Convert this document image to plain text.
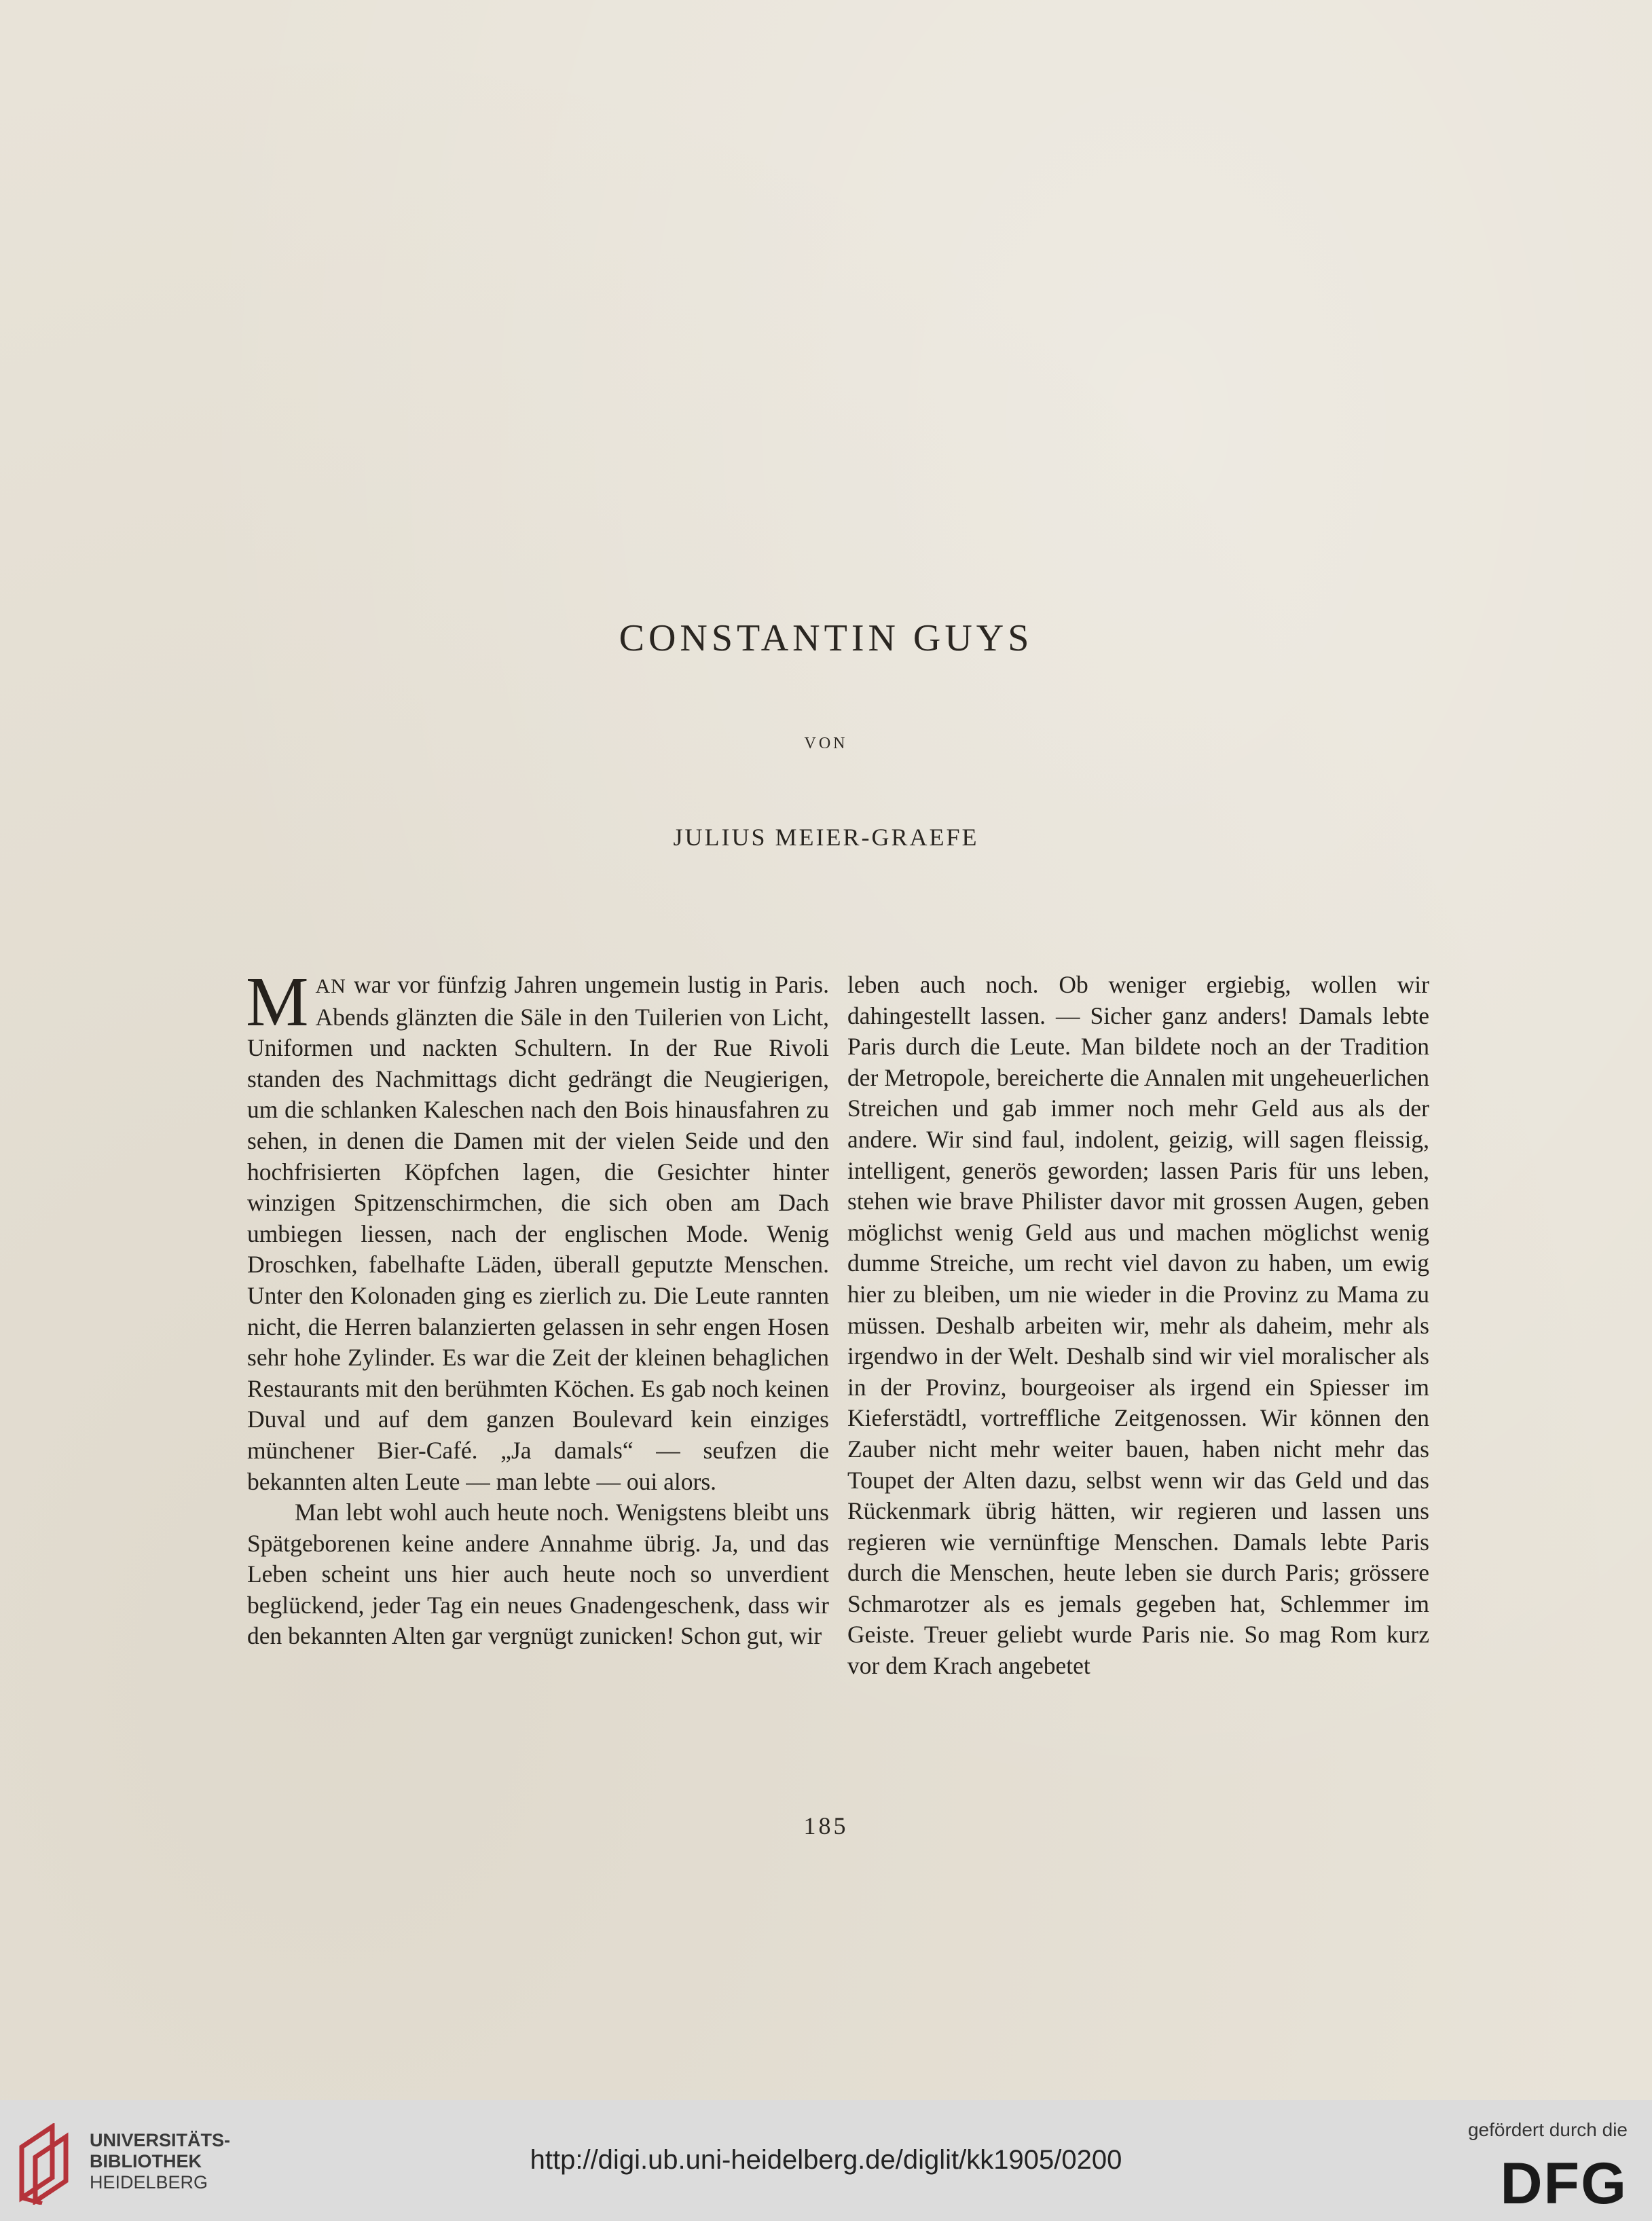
CONSTANTIN GUYS
VON
JULIUS MEIER-GRAEFE

MAN war vor fünfzig Jahren ungemein lustig in Paris. Abends glänzten die Säle in den Tuilerien von Licht, Uniformen und nackten Schultern. In der Rue Rivoli standen des Nachmittags dicht gedrängt die Neugierigen, um die schlanken Kaleschen nach den Bois hinausfahren zu sehen, in denen die Damen mit der vielen Seide und den hochfrisierten Köpfchen lagen, die Gesichter hinter winzigen Spitzenschirmchen, die sich oben am Dach umbiegen liessen, nach der englischen Mode. Wenig Droschken, fabelhafte Läden, überall geputzte Menschen. Unter den Kolonaden ging es zierlich zu. Die Leute rannten nicht, die Herren balanzierten gelassen in sehr engen Hosen sehr hohe Zylinder. Es war die Zeit der kleinen behaglichen Restaurants mit den berühmten Köchen. Es gab noch keinen Duval und auf dem ganzen Boulevard kein einziges münchener Bier-Café. „Ja damals“ — seufzen die bekannten alten Leute — man lebte — oui alors.

Man lebt wohl auch heute noch. Wenigstens bleibt uns Spätgeborenen keine andere Annahme übrig. Ja, und das Leben scheint uns hier auch heute noch so unverdient beglückend, jeder Tag ein neues Gnadengeschenk, dass wir den bekannten Alten gar vergnügt zunicken! Schon gut, wir

leben auch noch. Ob weniger ergiebig, wollen wir dahingestellt lassen. — Sicher ganz anders! Damals lebte Paris durch die Leute. Man bildete noch an der Tradition der Metropole, bereicherte die Annalen mit ungeheuerlichen Streichen und gab immer noch mehr Geld aus als der andere. Wir sind faul, indolent, geizig, will sagen fleissig, intelligent, generös geworden; lassen Paris für uns leben, stehen wie brave Philister davor mit grossen Augen, geben möglichst wenig Geld aus und machen möglichst wenig dumme Streiche, um recht viel davon zu haben, um ewig hier zu bleiben, um nie wieder in die Provinz zu Mama zu müssen. Deshalb arbeiten wir, mehr als daheim, mehr als irgendwo in der Welt. Deshalb sind wir viel moralischer als in der Provinz, bourgeoiser als irgend ein Spiesser im Kieferstädtl, vortreffliche Zeitgenossen. Wir können den Zauber nicht mehr weiter bauen, haben nicht mehr das Toupet der Alten dazu, selbst wenn wir das Geld und das Rückenmark übrig hätten, wir regieren und lassen uns regieren wie vernünftige Menschen. Damals lebte Paris durch die Menschen, heute leben sie durch Paris; grössere Schmarotzer als es jemals gegeben hat, Schlemmer im Geiste. Treuer geliebt wurde Paris nie. So mag Rom kurz vor dem Krach angebetet

185
UNIVERSITÄTS-
BIBLIOTHEK
HEIDELBERG
http://digi.ub.uni-heidelberg.de/diglit/kk1905/0200
gefördert durch die
DFG
